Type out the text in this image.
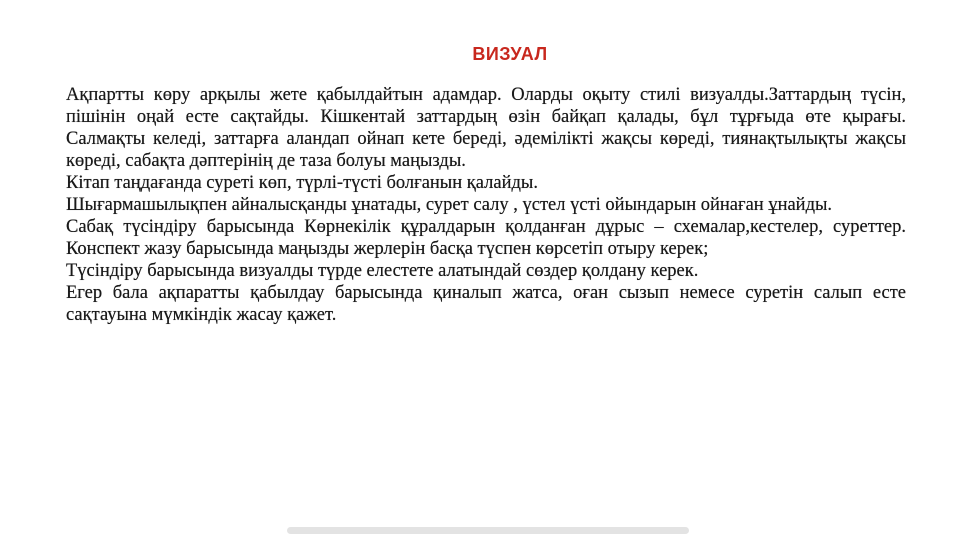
ВИЗУАЛ

Ақпартты көру арқылы жете қабылдайтын адамдар. Оларды оқыту стилі визуалды.Заттардың түсін, пішінін оңай есте сақтайды. Кішкентай заттардың өзін байқап қалады, бұл тұрғыда өте қырағы. Салмақты келеді, заттарға аландап ойнап кете береді, әдемілікті жақсы көреді, тиянақтылықты жақсы көреді, сабақта дәптерінің де таза болуы маңызды.

Кітап таңдағанда суреті көп, түрлі-түсті болғанын қалайды.

Шығармашылықпен айналысқанды ұнатады, сурет салу , үстел үсті ойындарын ойнаған ұнайды.

Сабақ түсіндіру барысында Көрнекілік құралдарын қолданған дұрыс – схемалар,кестелер, суреттер. Конспект жазу барысында маңызды жерлерін басқа түспен көрсетіп отыру керек;

Түсіндіру барысында визуалды түрде елестете алатындай сөздер қолдану керек.

Егер бала ақпаратты қабылдау барысында қиналып жатса, оған сызып немесе суретін салып есте сақтауына мүмкіндік жасау қажет.
